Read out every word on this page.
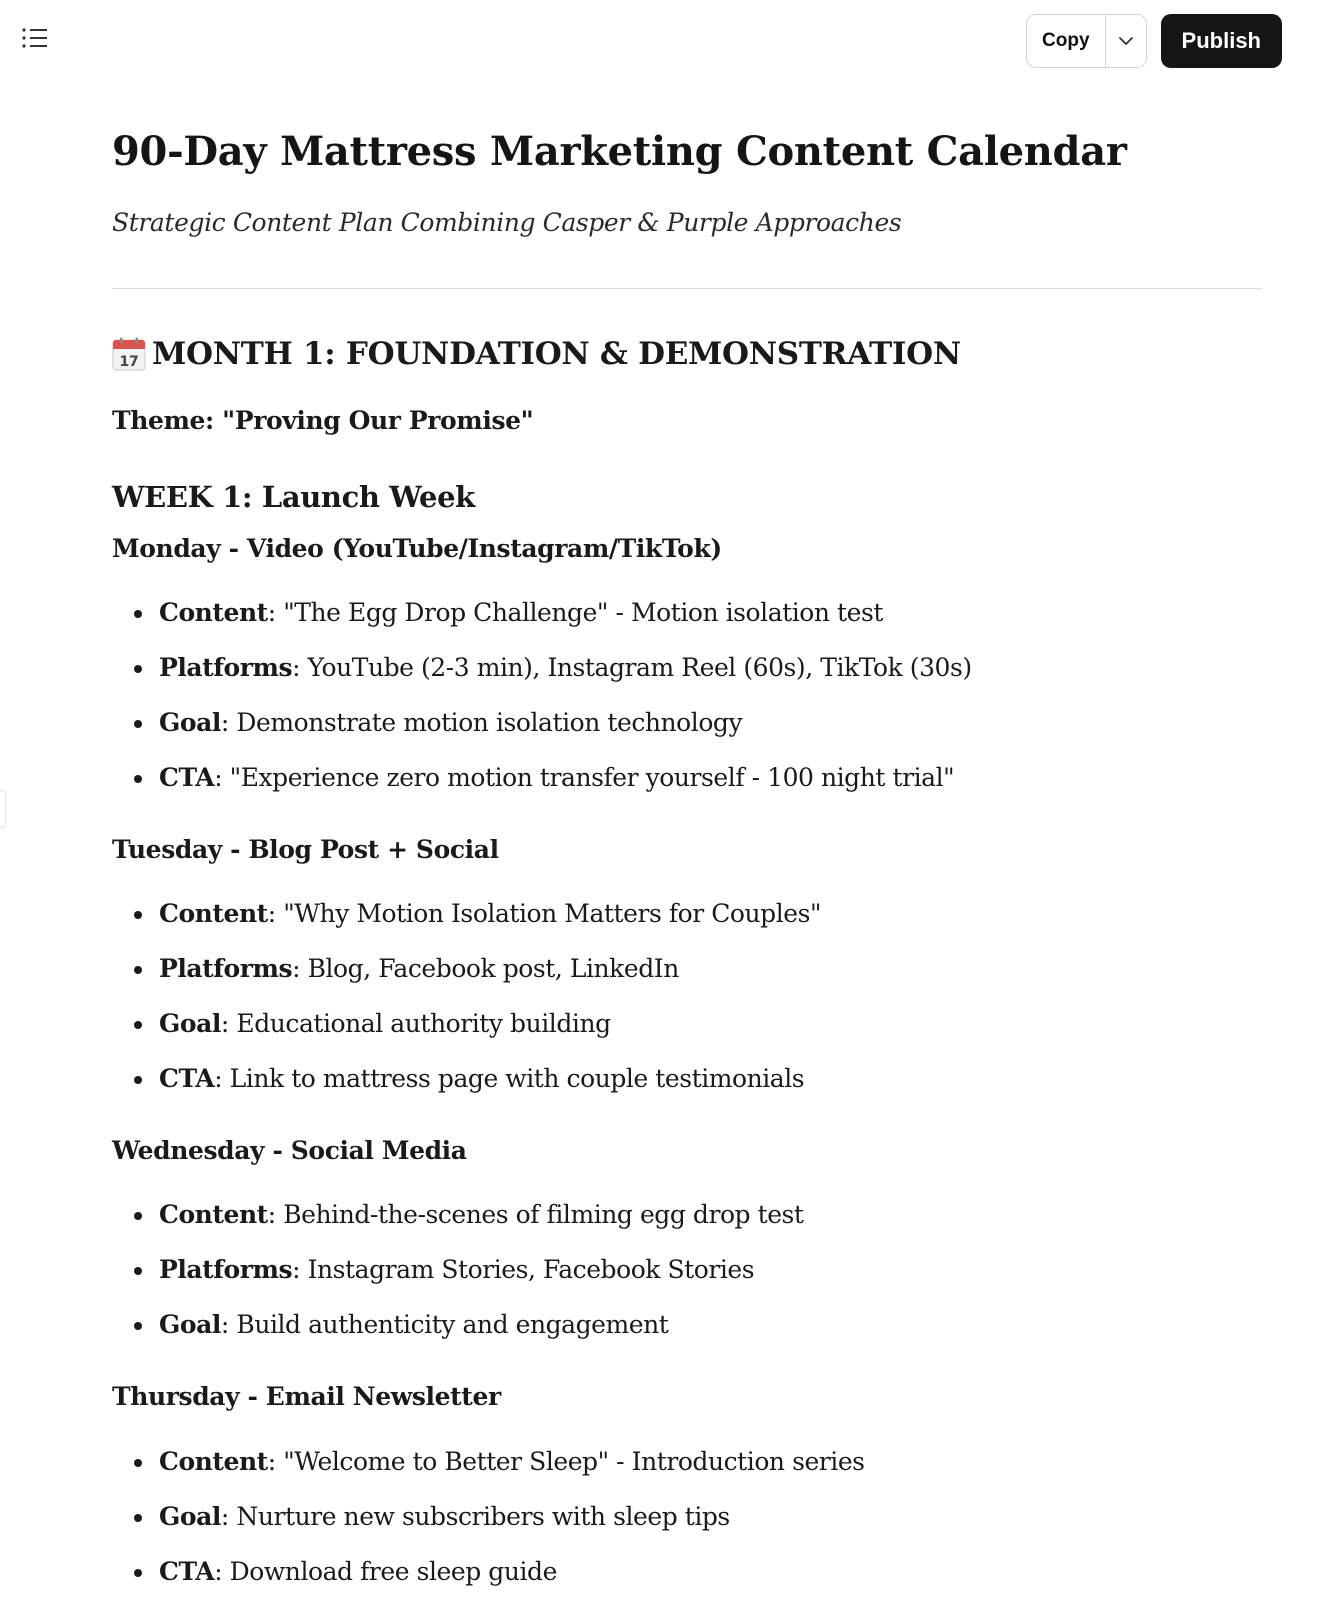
Copy	Publish
90-Day Mattress Marketing Content Calendar

Strategic Content Plan Combining Casper & Purple Approaches

17 MONTH 1: FOUNDATION & DEMONSTRATION

Theme: "Proving Our Promise"

WEEK 1: Launch Week
Monday - Video (YouTube/Instagram/TikTok)
Content: "The Egg Drop Challenge" - Motion isolation test
Platforms: YouTube (2-3 min), Instagram Reel (60s), TikTok (30s)
Goal: Demonstrate motion isolation technology
CTA: "Experience zero motion transfer yourself - 100 night trial"
Tuesday - Blog Post + Social
Content: "Why Motion Isolation Matters for Couples"
Platforms: Blog, Facebook post, LinkedIn
Goal: Educational authority building
CTA: Link to mattress page with couple testimonials
Wednesday - Social Media
Content: Behind-the-scenes of filming egg drop test
Platforms: Instagram Stories, Facebook Stories
Goal: Build authenticity and engagement
Thursday - Email Newsletter
Content: "Welcome to Better Sleep" - Introduction series
Goal: Nurture new subscribers with sleep tips
CTA: Download free sleep guide
